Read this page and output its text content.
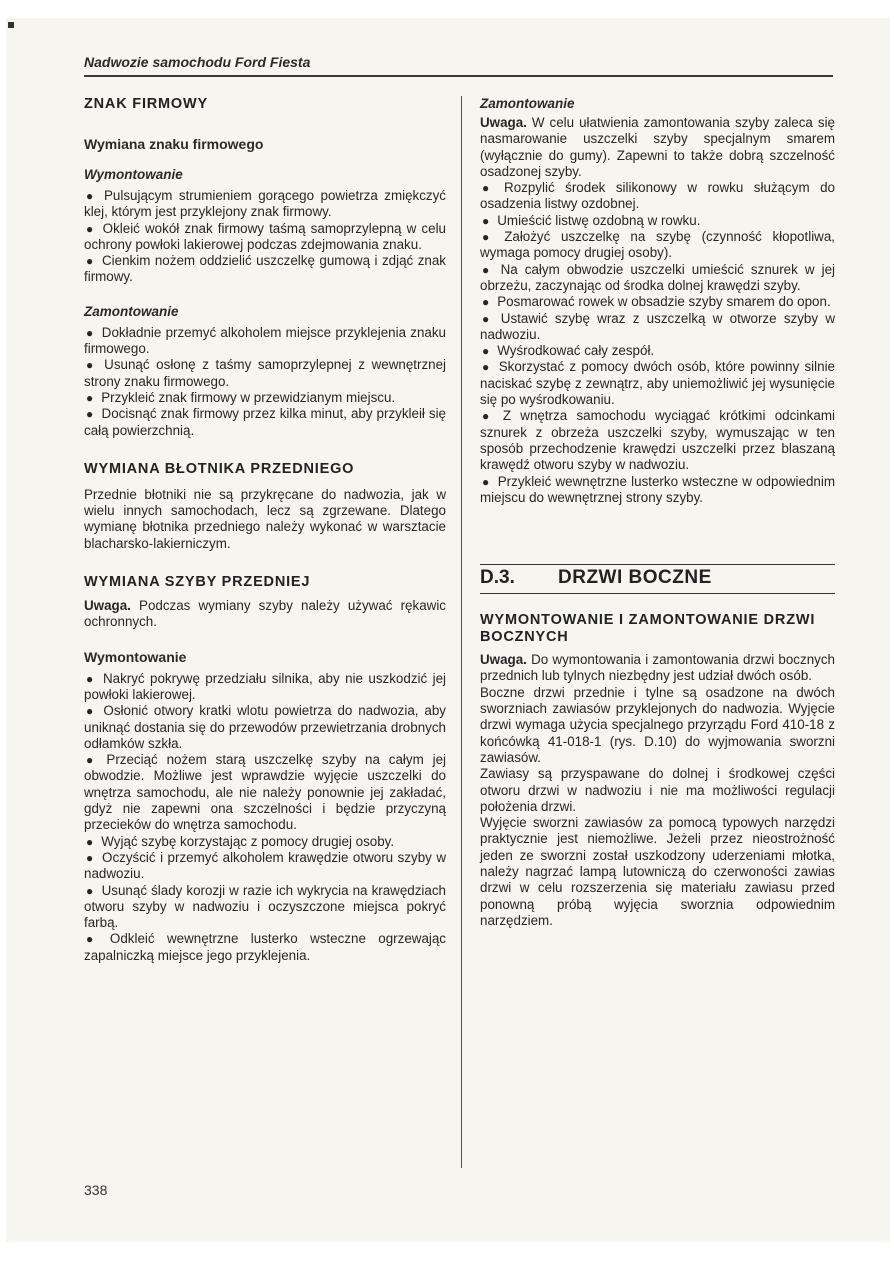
Nadwozie samochodu Ford Fiesta
ZNAK FIRMOWY
Wymiana znaku firmowego
Wymontowanie

● Pulsującym strumieniem gorącego powietrza zmiękczyć klej, którym jest przyklejony znak firmowy.

● Okleić wokół znak firmowy taśmą samoprzylepną w celu ochrony powłoki lakierowej podczas zdejmowania znaku.

● Cienkim nożem oddzielić uszczelkę gumową i zdjąć znak firmowy.

Zamontowanie

● Dokładnie przemyć alkoholem miejsce przyklejenia znaku firmowego.

● Usunąć osłonę z taśmy samoprzylepnej z wewnętrznej strony znaku firmowego.

● Przykleić znak firmowy w przewidzianym miejscu.

● Docisnąć znak firmowy przez kilka minut, aby przykleił się całą powierzchnią.

WYMIANA BŁOTNIKA PRZEDNIEGO

Przednie błotniki nie są przykręcane do nadwozia, jak w wielu innych samochodach, lecz są zgrzewane. Dlatego wymianę błotnika przedniego należy wykonać w warsztacie blacharsko-lakierniczym.

WYMIANA SZYBY PRZEDNIEJ

Uwaga. Podczas wymiany szyby należy używać rękawic ochronnych.

Wymontowanie

● Nakryć pokrywę przedziału silnika, aby nie uszkodzić jej powłoki lakierowej.

● Osłonić otwory kratki wlotu powietrza do nadwozia, aby uniknąć dostania się do przewodów przewietrzania drobnych odłamków szkła.

● Przeciąć nożem starą uszczelkę szyby na całym jej obwodzie. Możliwe jest wprawdzie wyjęcie uszczelki do wnętrza samochodu, ale nie należy ponownie jej zakładać, gdyż nie zapewni ona szczelności i będzie przyczyną przecieków do wnętrza samochodu.

● Wyjąć szybę korzystając z pomocy drugiej osoby.

● Oczyścić i przemyć alkoholem krawędzie otworu szyby w nadwoziu.

● Usunąć ślady korozji w razie ich wykrycia na krawędziach otworu szyby w nadwoziu i oczyszczone miejsca pokryć farbą.

● Odkleić wewnętrzne lusterko wsteczne ogrzewając zapalniczką miejsce jego przyklejenia.

Zamontowanie

Uwaga. W celu ułatwienia zamontowania szyby zaleca się nasmarowanie uszczelki szyby specjalnym smarem (wyłącznie do gumy). Zapewni to także dobrą szczelność osadzonej szyby.

● Rozpylić środek silikonowy w rowku służącym do osadzenia listwy ozdobnej.

● Umieścić listwę ozdobną w rowku.

● Założyć uszczelkę na szybę (czynność kłopotliwa, wymaga pomocy drugiej osoby).

● Na całym obwodzie uszczelki umieścić sznurek w jej obrzeżu, zaczynając od środka dolnej krawędzi szyby.

● Posmarować rowek w obsadzie szyby smarem do opon.

● Ustawić szybę wraz z uszczelką w otworze szyby w nadwoziu.

● Wyśrodkować cały zespół.

● Skorzystać z pomocy dwóch osób, które powinny silnie naciskać szybę z zewnątrz, aby uniemożliwić jej wysunięcie się po wyśrodkowaniu.

● Z wnętrza samochodu wyciągać krótkimi odcinkami sznurek z obrzeża uszczelki szyby, wymuszając w ten sposób przechodzenie krawędzi uszczelki przez blaszaną krawędź otworu szyby w nadwoziu.

● Przykleić wewnętrzne lusterko wsteczne w odpowiednim miejscu do wewnętrznej strony szyby.

D.3.	DRZWI BOCZNE
WYMONTOWANIE I ZAMONTOWANIE DRZWI BOCZNYCH

Uwaga. Do wymontowania i zamontowania drzwi bocznych przednich lub tylnych niezbędny jest udział dwóch osób.

Boczne drzwi przednie i tylne są osadzone na dwóch sworzniach zawiasów przyklejonych do nadwozia. Wyjęcie drzwi wymaga użycia specjalnego przyrządu Ford 410-18 z końcówką 41-018-1 (rys. D.10) do wyjmowania sworzni zawiasów.

Zawiasy są przyspawane do dolnej i środkowej części otworu drzwi w nadwoziu i nie ma możliwości regulacji położenia drzwi.

Wyjęcie sworzni zawiasów za pomocą typowych narzędzi praktycznie jest niemożliwe. Jeżeli przez nieostrożność jeden ze sworzni został uszkodzony uderzeniami młotka, należy nagrzać lampą lutowniczą do czerwoności zawias drzwi w celu rozszerzenia się materiału zawiasu przed ponowną próbą wyjęcia sworznia odpowiednim narzędziem.

338
